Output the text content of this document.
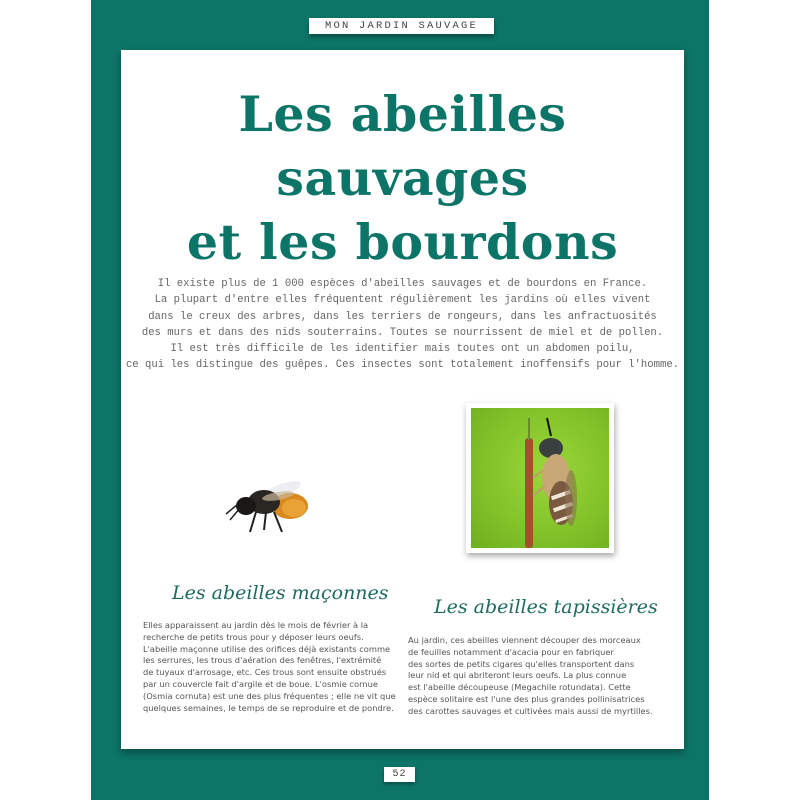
MON JARDIN SAUVAGE
Les abeilles
sauvages
et les bourdons
Il existe plus de 1 000 espèces d'abeilles sauvages et de bourdons en France.
La plupart d'entre elles fréquentent régulièrement les jardins où elles vivent
dans le creux des arbres, dans les terriers de rongeurs, dans les anfractuosités
des murs et dans des nids souterrains. Toutes se nourrissent de miel et de pollen.
Il est très difficile de les identifier mais toutes ont un abdomen poilu,
ce qui les distingue des guêpes. Ces insectes sont totalement inoffensifs pour l'homme.
Les abeilles maçonnes
Elles apparaissent au jardin dès le mois de février à la
recherche de petits trous pour y déposer leurs oeufs.
L'abeille maçonne utilise des orifices déjà existants comme
les serrures, les trous d'aération des fenêtres, l'extrémité
de tuyaux d'arrosage, etc. Ces trous sont ensuite obstrués
par un couvercle fait d'argile et de boue. L'osmie cornue
(Osmia cornuta) est une des plus fréquentes ; elle ne vit que
quelques semaines, le temps de se reproduire et de pondre.
Les abeilles tapissières
Au jardin, ces abeilles viennent découper des morceaux
de feuilles notamment d'acacia pour en fabriquer
des sortes de petits cigares qu'elles transportent dans
leur nid et qui abriteront leurs oeufs. La plus connue
est l'abeille découpeuse (Megachile rotundata). Cette
espèce solitaire est l'une des plus grandes pollinisatrices
des carottes sauvages et cultivées mais aussi de myrtilles.
52
